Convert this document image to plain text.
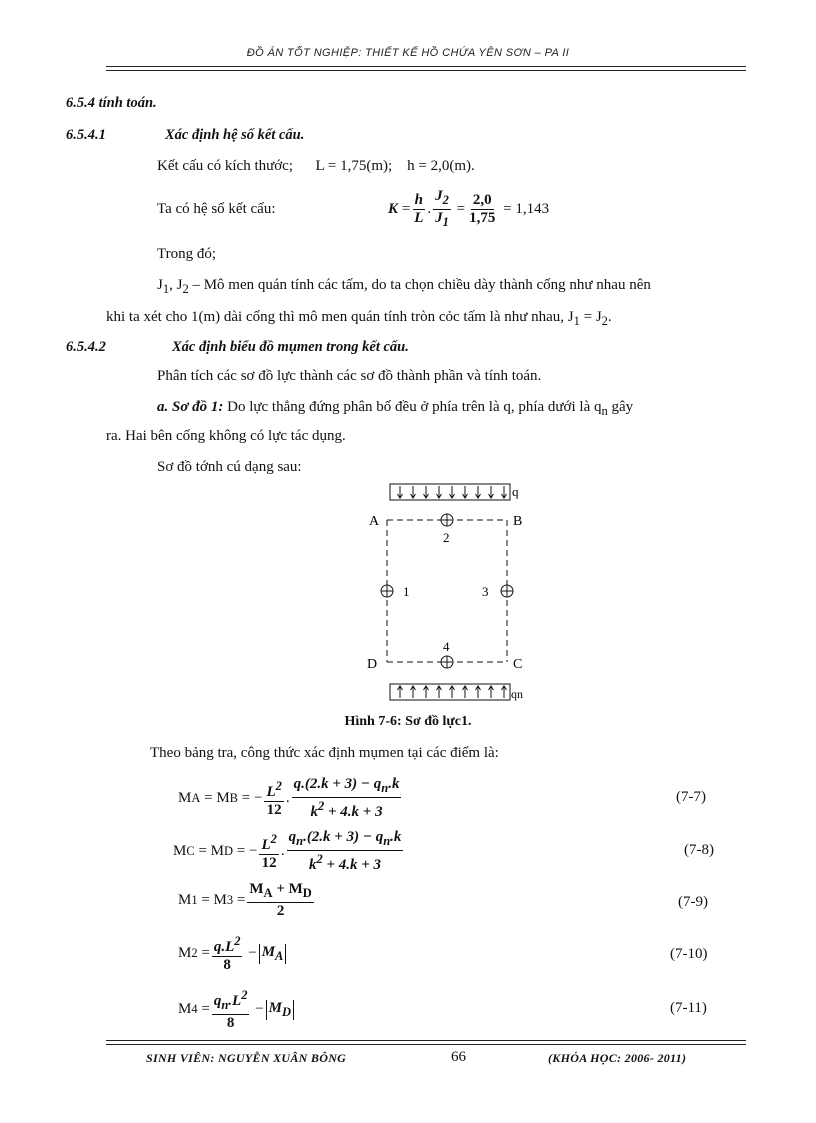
ĐỒ ÁN TỐT NGHIỆP: THIẾT KẾ HỒ CHỨA YÊN SƠN – PA II
6.5.4 tính toán.
6.5.4.1	Xác định hệ số kết cấu.
Kết cấu có kích thước;      L = 1,75(m);    h = 2,0(m).
Ta có hệ số kết cấu:	$K = \frac{h}{L}$ . $\frac{J_2}{J_1} = \frac{2,0}{1,75}$
= 1,143
Trong đó;
$J_1$, $J_2$ – Mô men quán tính các tấm, do ta chọn chiều dày thành cống như nhau nên
khi ta xét cho 1(m) dài cống thì mô men quán tính tròn cỏc tấm là như nhau, $J_1 = J_2$.
6.5.4.2	Xác định biểu đồ mụmen trong kết cấu.
Phân tích các sơ đồ lực thành các sơ đồ thành phần và tính toán.
a. Sơ đồ 1: Do lực thẳng đứng phân bố đều ở phía trên là q, phía dưới là $q_n$ gây
ra. Hai bên cống không có lực tác dụng.
Sơ đồ tớnh cú dạng sau:
q
A	B
D	C
2
1	3
4
qn
Hình 7-6: Sơ đồ lực1.
Theo bảng tra, công thức xác định mụmen tại các điểm là:
M A = M B = − $\frac{L^2}{12}$ . $\frac{q.(2.k + 3) - q_n.k}{k^2 + 4.k + 3}$	(7-7)
M C = M D = − $\frac{L^2}{12}$ . $\frac{q_n.(2.k + 3) - q_n.k}{k^2 + 4.k + 3}$	(7-8)
M 1 = M $3 = \frac{M_A + M_D}{2}$	(7-9)
M $2 = \frac{q.L^2}{8} - M_A$	(7-10)
M $4 = \frac{q_n.L^2}{8} - M_D$	(7-11)
SINH VIÊN: NGUYỄN XUÂN BÔNG	66	(KHÓA HỌC: 2006- 2011)
